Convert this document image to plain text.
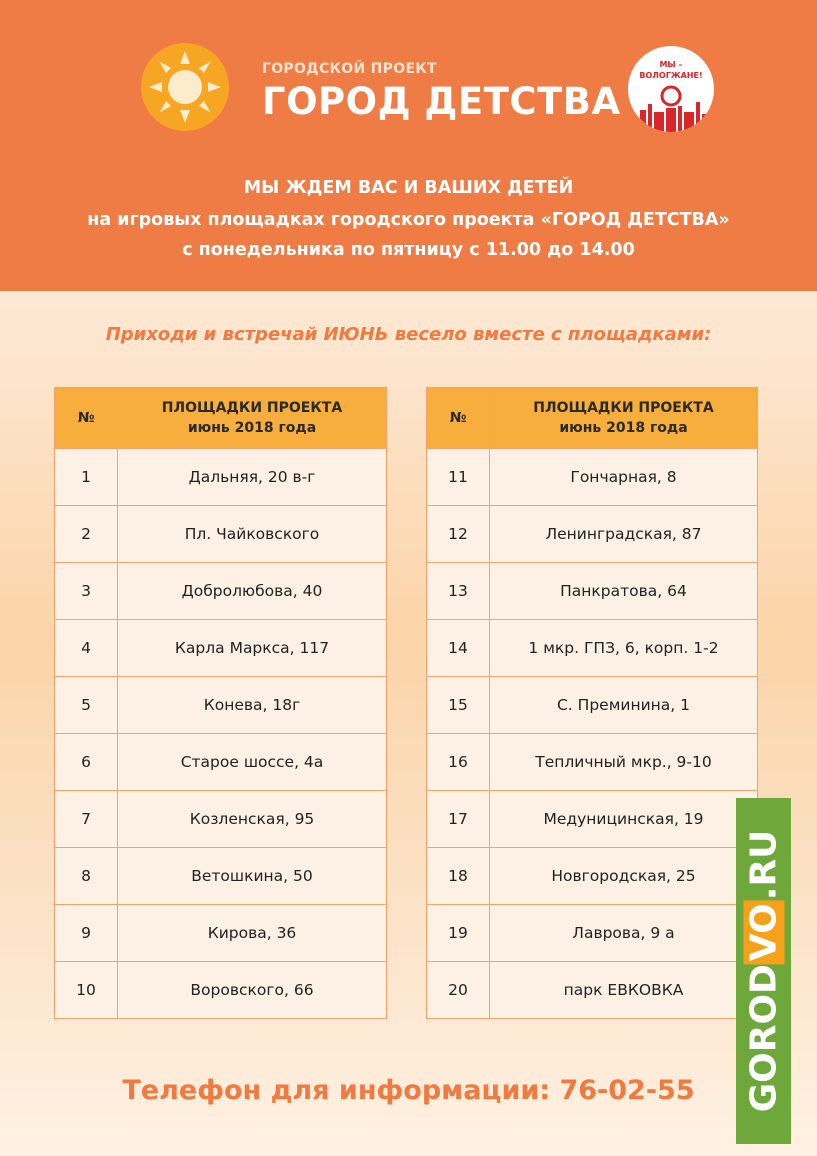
ГОРОДСКОЙ ПРОЕКТ
ГОРОД ДЕТСТВА
МЫ –
ВОЛОГЖАНЕ!
МЫ ЖДЕМ ВАС И ВАШИХ ДЕТЕЙ
на игровых площадках городского проекта «ГОРОД ДЕТСТВА»
с понедельника по пятницу с 11.00 до 14.00
Приходи и встречай ИЮНЬ весело вместе с площадками:
№	ПЛОЩАДКИ ПРОЕКТА
июнь 2018 года
1	Дальняя, 20 в-г
2	Пл. Чайковского
3	Добролюбова, 40
4	Карла Маркса, 117
5	Конева, 18г
6	Старое шоссе, 4а
7	Козленская, 95
8	Ветошкина, 50
9	Кирова, 36
10	Воровского, 66
№	ПЛОЩАДКИ ПРОЕКТА
июнь 2018 года
11	Гончарная, 8
12	Ленинградская, 87
13	Панкратова, 64
14	1 мкр. ГПЗ, 6, корп. 1-2
15	С. Преминина, 1
16	Тепличный мкр., 9-10
17	Медуницинская, 19
18	Новгородская, 25
19	Лаврова, 9 а
20	парк ЕВКОВКА
Телефон для информации: 76-02-55	GORODVO.RU
